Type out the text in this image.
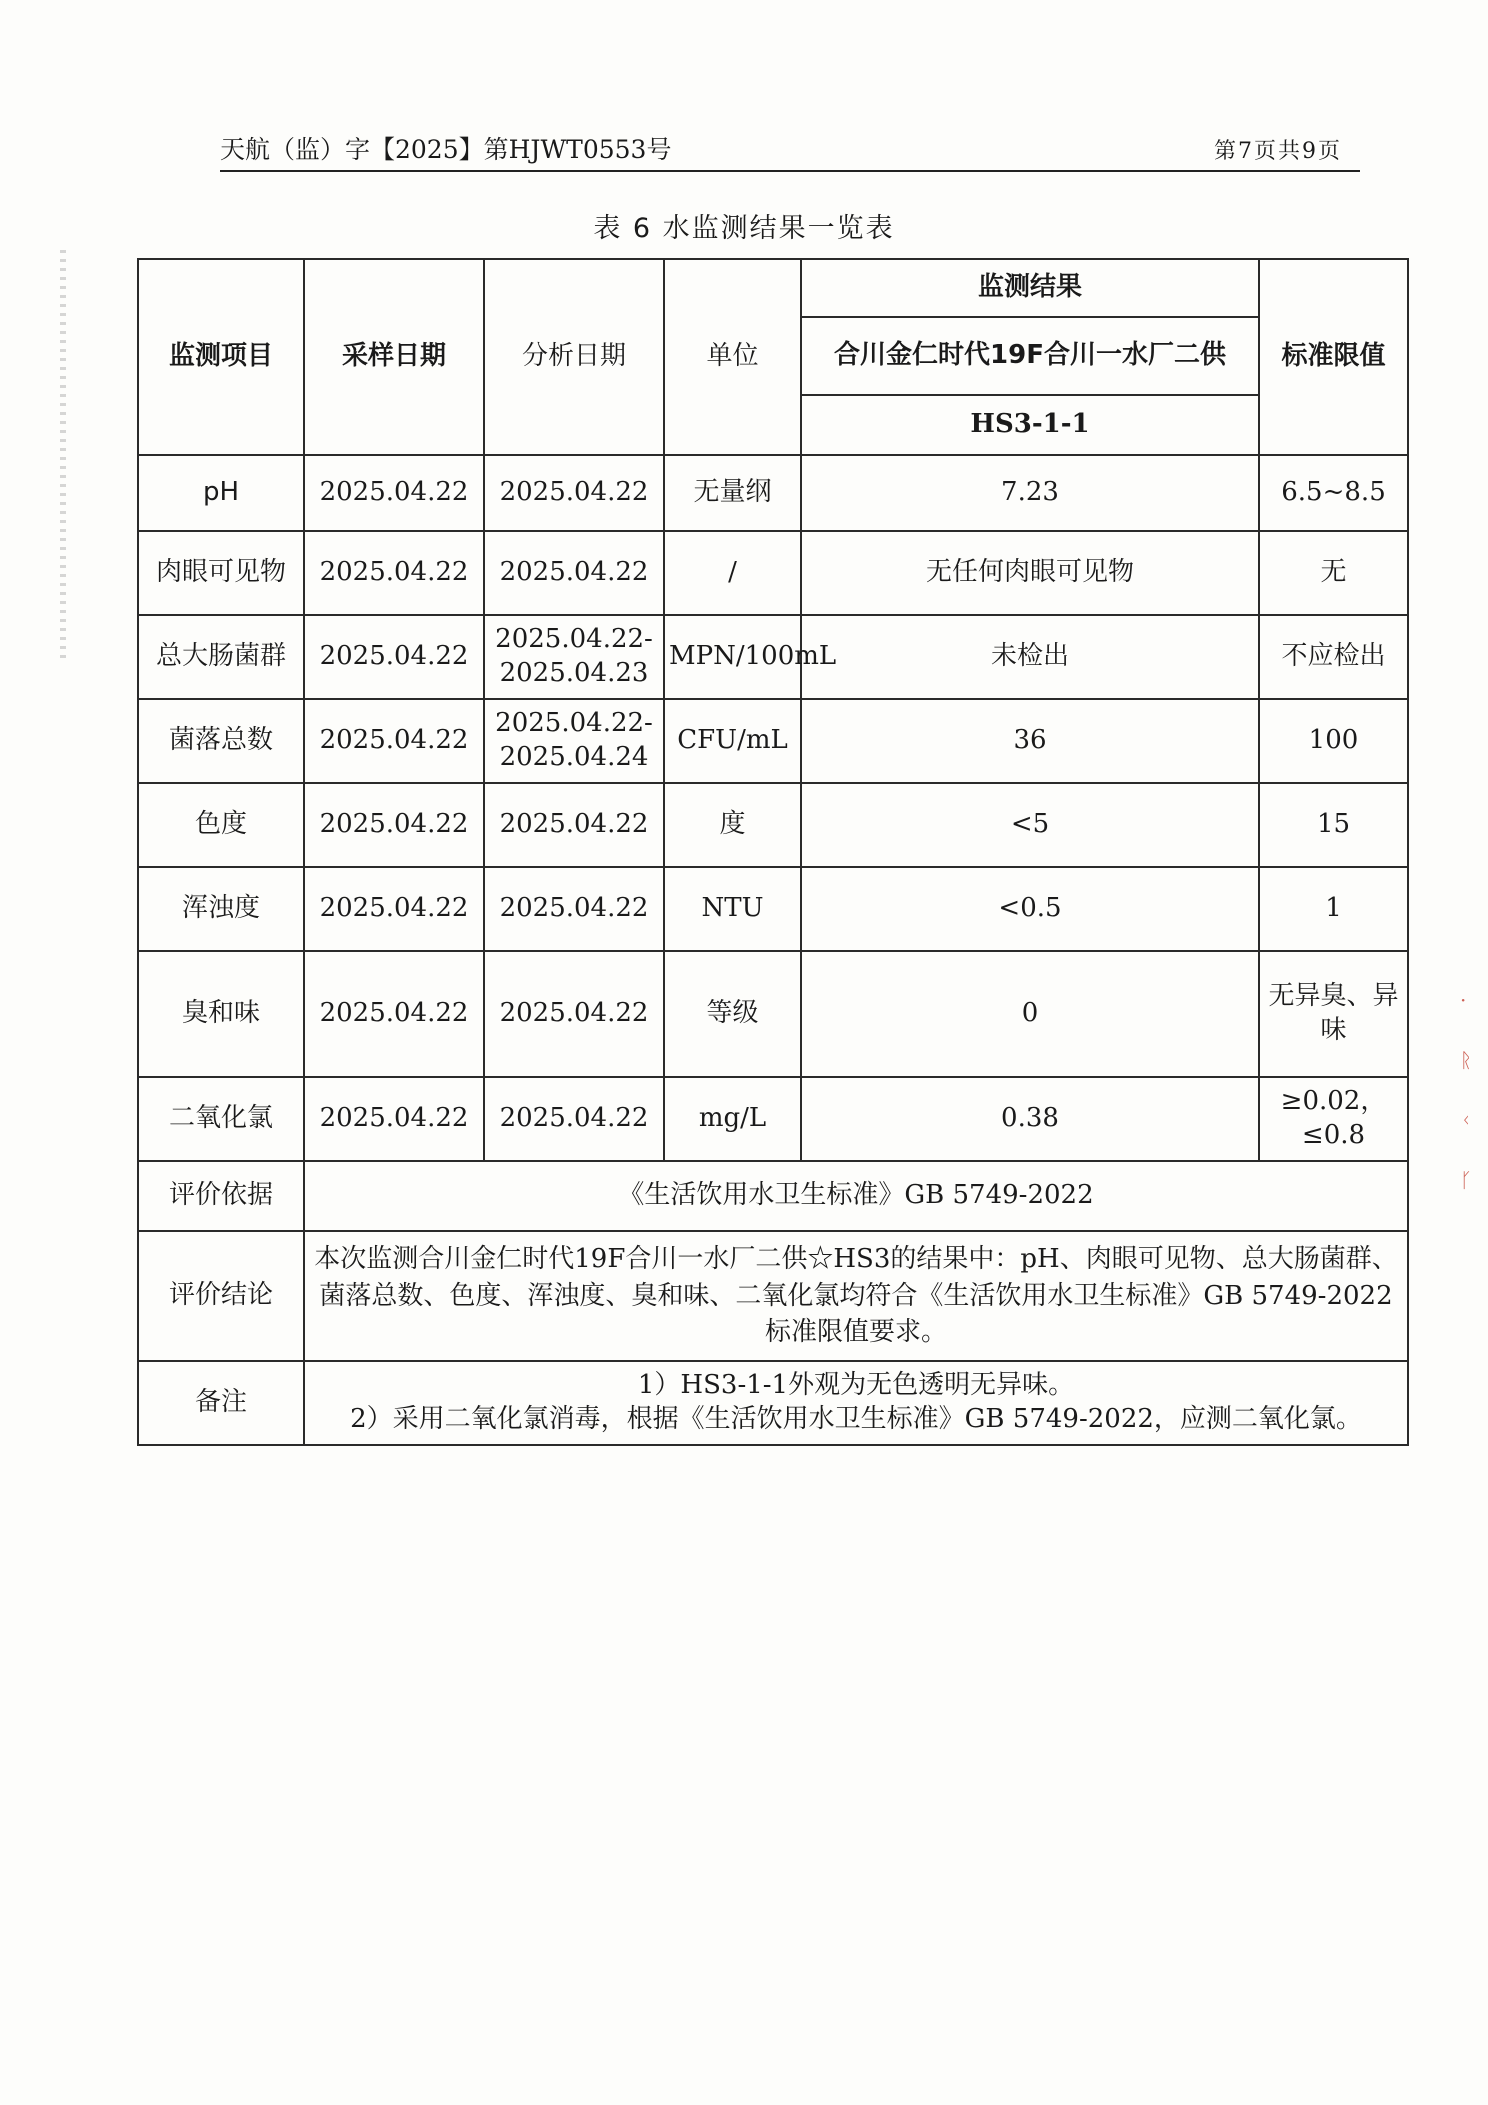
·
ᚱ
ᚲ
ᚴ
天航（监）字【2025】第HJWT0553号	第7页共9页
表 6 水监测结果一览表
监测项目	采样日期	分析日期	单位	监测结果	标准限值
				合川金仁时代19F合川一水厂二供	
				HS3-1-1	
pH	2025.04.22	2025.04.22	无量纲	7.23	6.5~8.5
肉眼可见物	2025.04.22	2025.04.22	/	无任何肉眼可见物	无
总大肠菌群	2025.04.22	2025.04.22-2025.04.23	MPN/100mL	未检出	不应检出
菌落总数	2025.04.22	2025.04.22-2025.04.24	CFU/mL	36	100
色度	2025.04.22	2025.04.22	度	<5	15
浑浊度	2025.04.22	2025.04.22	NTU	<0.5	1
臭和味	2025.04.22	2025.04.22	等级	0	无异臭、异味
二氧化氯	2025.04.22	2025.04.22	mg/L	0.38	≥0.02，≤0.8
评价依据	《生活饮用水卫生标准》GB 5749-2022				
评价结论	本次监测合川金仁时代19F合川一水厂二供☆HS3的结果中：pH、肉眼可见物、总大肠菌群、菌落总数、色度、浑浊度、臭和味、二氧化氯均符合《生活饮用水卫生标准》GB 5749-2022标准限值要求。				
备注	1）HS3-1-1外观为无色透明无异味。
2）采用二氧化氯消毒，根据《生活饮用水卫生标准》GB 5749-2022，应测二氧化氯。				
